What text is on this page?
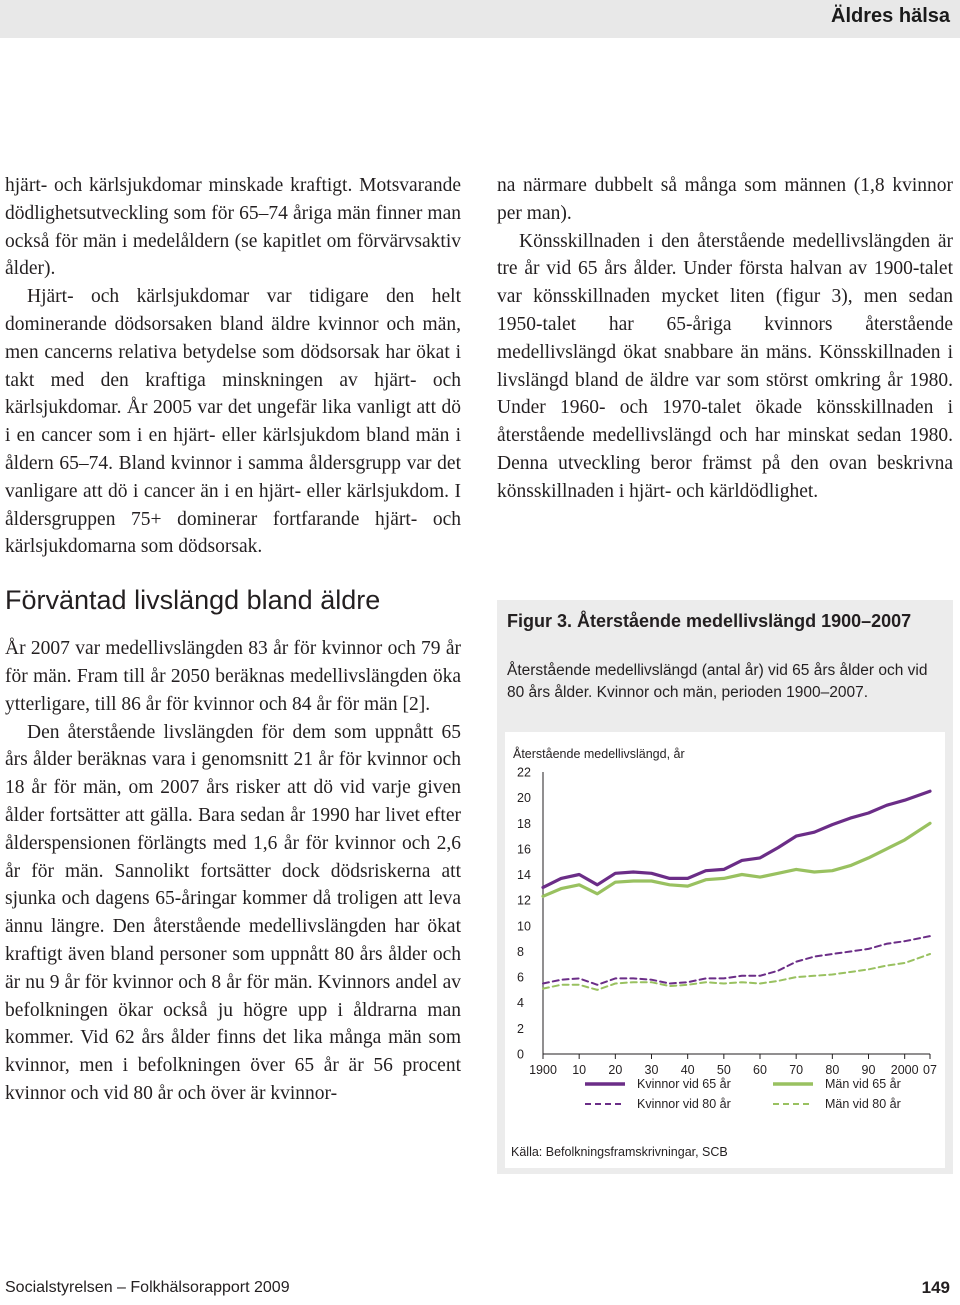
Äldres hälsa

hjärt- och kärlsjukdomar minskade kraftigt. Motsvarande dödlighetsutveckling som för 65–74 åriga män finner man också för män i medelåldern (se kapitlet om förvärvsaktiv ålder).

Hjärt- och kärlsjukdomar var tidigare den helt dominerande dödsorsaken bland äldre kvinnor och män, men cancerns relativa betydelse som dödsorsak har ökat i takt med den kraftiga minskningen av hjärt- och kärlsjukdomar. År 2005 var det ungefär lika vanligt att dö i en cancer som i en hjärt- eller kärlsjukdom bland män i åldern 65–74. Bland kvinnor i samma åldersgrupp var det vanligare att dö i cancer än i en hjärt- eller kärlsjukdom. I åldersgruppen 75+ dominerar fortfarande hjärt- och kärlsjukdomarna som dödsorsak.

Förväntad livslängd bland äldre

År 2007 var medellivslängden 83 år för kvinnor och 79 år för män. Fram till år 2050 beräknas medellivslängden öka ytterligare, till 86 år för kvinnor och 84 år för män [2].

Den återstående livslängden för dem som uppnått 65 års ålder beräknas vara i genomsnitt 21 år för kvinnor och 18 år för män, om 2007 års risker att dö vid varje given ålder fortsätter att gälla. Bara sedan år 1990 har livet efter ålderspensionen förlängts med 1,6 år för kvinnor och 2,6 år för män. Sannolikt fortsätter dock dödsriskerna att sjunka och dagens 65-åringar kommer då troligen att leva ännu längre. Den återstående medellivslängden har ökat kraftigt även bland personer som uppnått 80 års ålder och är nu 9 år för kvinnor och 8 år för män. Kvinnors andel av befolkningen ökar också ju högre upp i åldrarna man kommer. Vid 62 års ålder finns det lika många män som kvinnor, men i befolkningen över 65 år är 56 procent kvinnor och vid 80 år och över är kvinnor-

na närmare dubbelt så många som männen (1,8 kvinnor per man).

Könsskillnaden i den återstående medellivslängden är tre år vid 65 års ålder. Under första halvan av 1900-talet var könsskillnaden mycket liten (figur 3), men sedan 1950-talet har 65-åriga kvinnors återstående medellivslängd ökat snabbare än mäns. Könsskillnaden i livslängd bland de äldre var som störst omkring år 1980. Under 1960- och 1970-talet ökade könsskillnaden i återstående medellivslängd och har minskat sedan 1980. Denna utveckling beror främst på den ovan beskrivna könsskillnaden i hjärt- och kärldödlighet.

Figur 3. Återstående medellivslängd 1900–2007

Återstående medellivslängd (antal år) vid 65 års ålder och vid 80 års ålder. Kvinnor och män, perioden 1900–2007.

Återstående medellivslängd, år
0
2
4
6
8
10
12
14
16
18
20
22
1900 10 20 30 40 50 60 70 80 90 2000 07
Kvinnor vid 65 år	Män vid 65 år
Kvinnor vid 80 år	Män vid 80 år
Källa: Befolkningsframskrivningar, SCB
Socialstyrelsen – Folkhälsorapport 2009	149
